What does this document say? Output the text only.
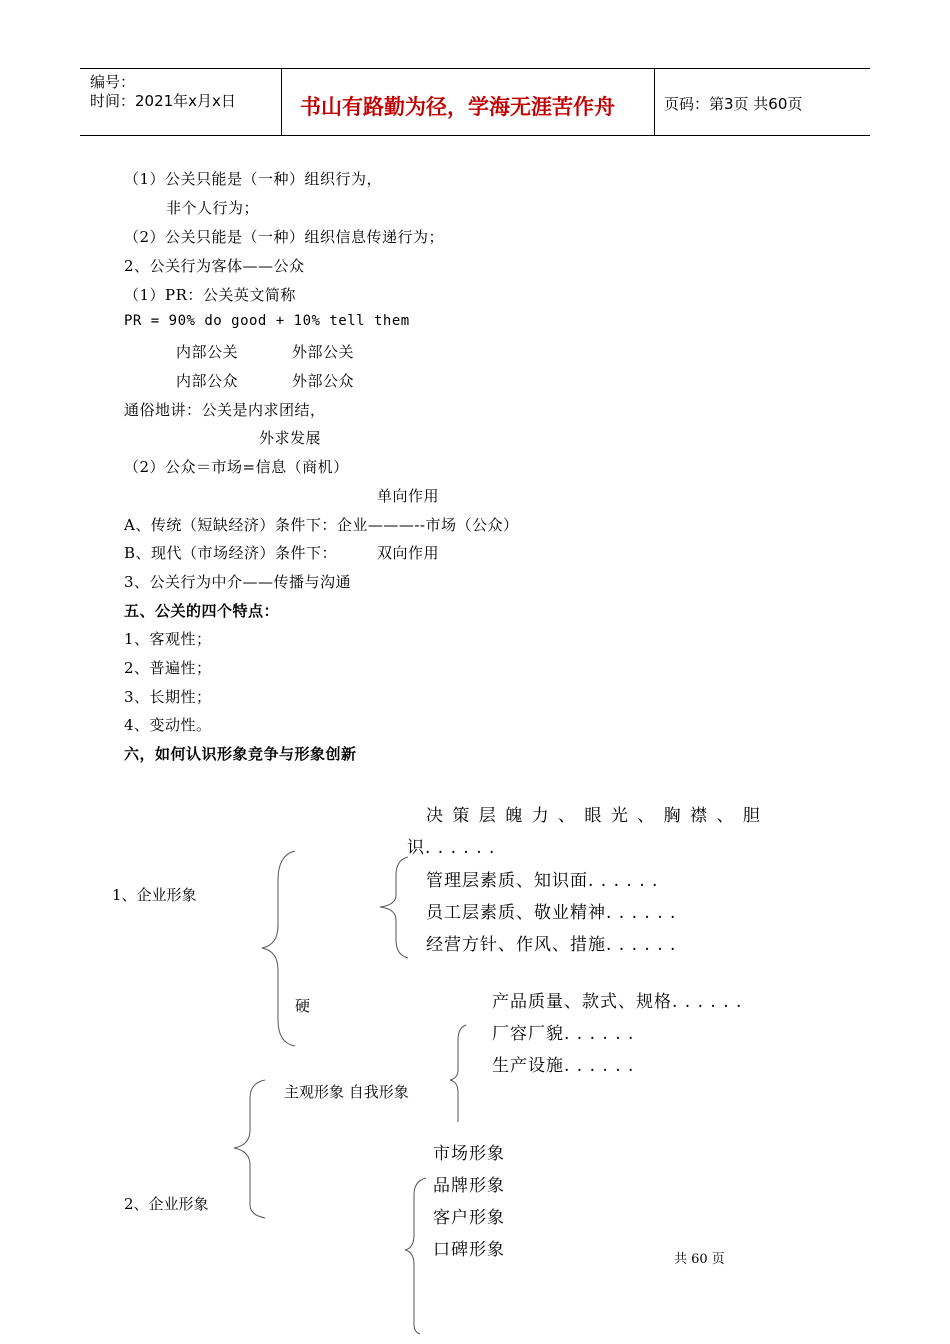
编号：
时间：2021年x月x日	书山有路勤为径，学海无涯苦作舟	页码：第3页 共60页
（1）公关只能是（一种）组织行为，
非个人行为；
（2）公关只能是（一种）组织信息传递行为；
2、公关行为客体——公众
（1）PR：公关英文简称
PR = 90% do good + 10% tell them
内部公关	外部公关
内部公众	外部公众
通俗地讲：公关是内求团结，
外求发展
（2）公众＝市场=信息（商机）
单向作用
A、传统（短缺经济）条件下：企业———--市场（公众）
B、现代（市场经济）条件下：	双向作用
3、公关行为中介——传播与沟通
五、公关的四个特点：
1、客观性；
2、普遍性；
3、长期性；
4、变动性。
六，如何认识形象竞争与形象创新
1、企业形象
决 策 层 魄 力 、 眼 光 、 胸 襟 、 胆
识. . . . . .
管理层素质、知识面. . . . . .
员工层素质、敬业精神. . . . . .
经营方针、作风、措施. . . . . .
硬	产品质量、款式、规格. . . . . .
厂容厂貌. . . . . .
生产设施. . . . . .
主观形象 自我形象
2、企业形象
市场形象
品牌形象
客户形象
口碑形象	共 60 页
